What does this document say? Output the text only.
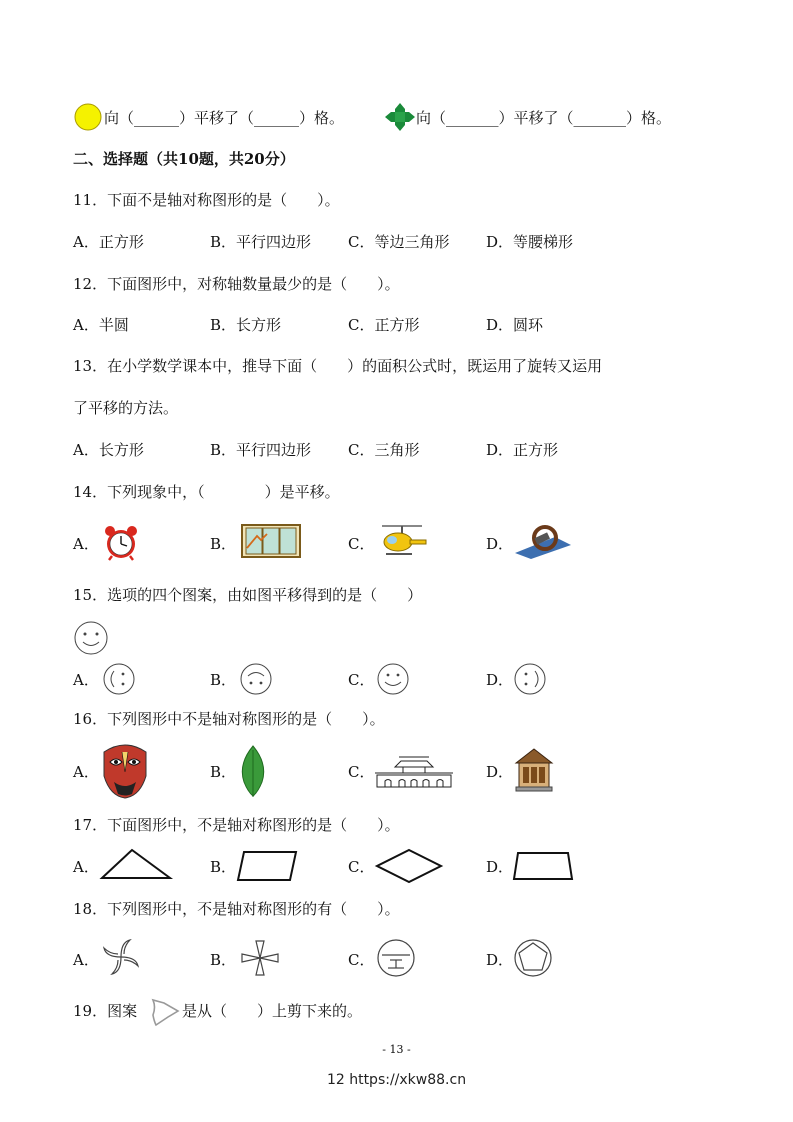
向（______）平移了（______）格。	向（_______）平移了（_______）格。
二、选择题（共10题，共20分）
11．下面不是轴对称图形的是（　　）。
A．正方形	B．平行四边形 C．等边三角形 D．等腰梯形
12．下面图形中，对称轴数量最少的是（　　）。
A．半圆	B．长方形	C．正方形	D．圆环
13．在小学数学课本中，推导下面（　　）的面积公式时，既运用了旋转又运用
了平移的方法。
A．长方形	B．平行四边形 C．三角形	D．正方形
14．下列现象中，（　　　　）是平移。
A．	B．	C．	D．
15．选项的四个图案，由如图平移得到的是（　　）
A．	B．	C．	D．
16．下列图形中不是轴对称图形的是（　　）。
A．	B．	C．	D．
17．下面图形中，不是轴对称图形的是（　　）。
A．	B．	C．	D．
18．下列图形中，不是轴对称图形的有（　　）。
A．	B．	C．	D．
19．图案	是从（　　）上剪下来的。
- 13 -
12 https://xkw88.cn
